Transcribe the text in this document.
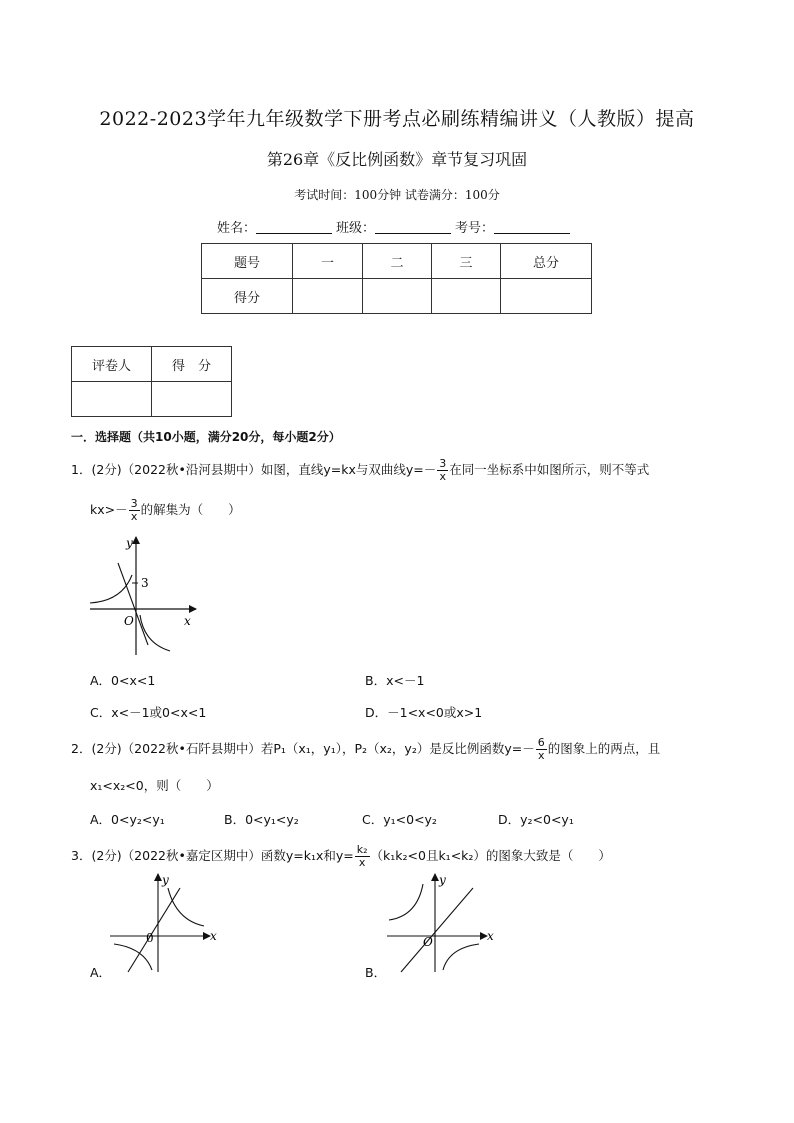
2022-2023学年九年级数学下册考点必刷练精编讲义（人教版）提高
第26章《反比例函数》章节复习巩固
考试时间：100分钟 试卷满分：100分
姓名：	班级：	考号：
题号	一	二	三	总分
得分				
评卷人	得　分

一．选择题（共10小题，满分20分，每小题2分）
1．(2分)（2022秋•沿河县期中）如图，直线y=kx与双曲线$y=- \frac{3}{x}$ 在同一坐标系中如图所示，则不等式
$kx>- \frac{3}{x}$ 的解集为（　　）
y
x
O
3
A．0<x<1	B．x<－1
C．x<－1或0<x<1	D．－1<x<0或x>1
2．(2分)（2022秋•石阡县期中）若P₁（x₁，y₁），P₂（x₂，y₂）是反比例函数$y=- \frac{6}{x}$ 的图象上的两点，且
x₁<x₂<0，则（　　）
A．0<y₂<y₁	B．0<y₁<y₂	C．y₁<0<y₂	D．y₂<0<y₁
3．(2分)（2022秋•嘉定区期中）函数y=k₁x和$y= \frac{\text{k₂}}{x} (k_1k_2<0$且k₁<k₂）的图象大致是（　　）
y
x
0
A．
y
x
O
B．
